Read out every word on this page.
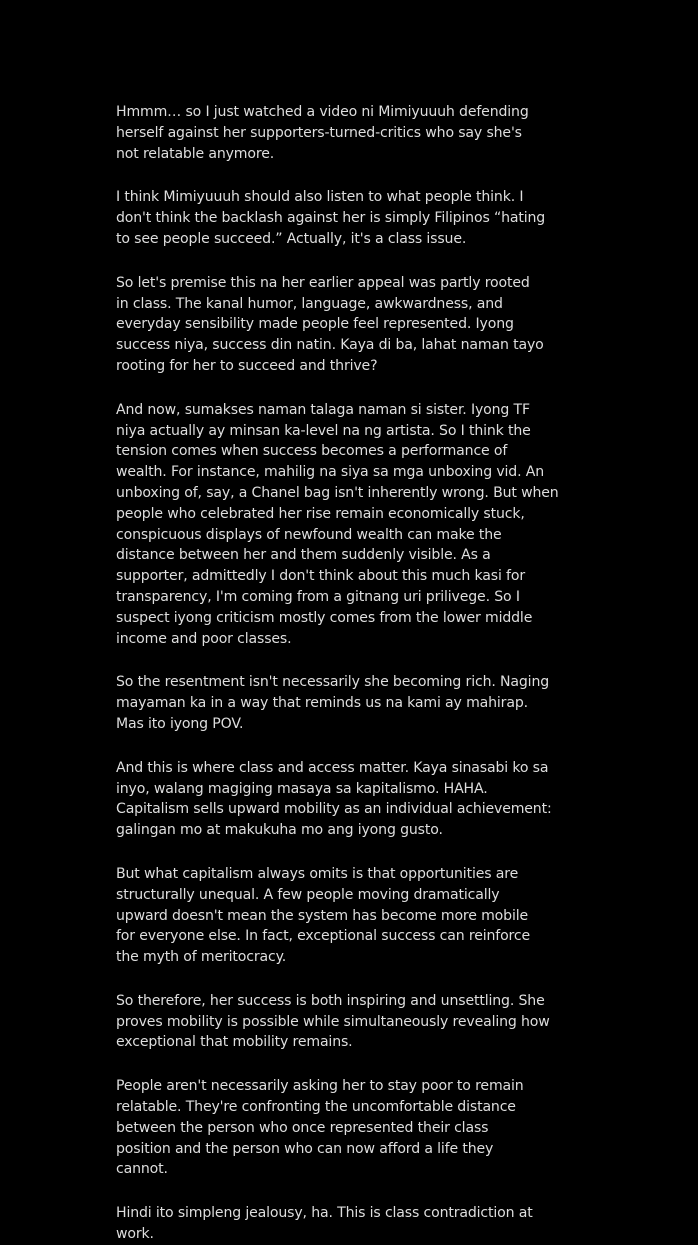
Hmmm… so I just watched a video ni Mimiyuuuh defending
herself against her supporters-turned-critics who say she's
not relatable anymore.

I think Mimiyuuuh should also listen to what people think. I
don't think the backlash against her is simply Filipinos “hating
to see people succeed.” Actually, it's a class issue.

So let's premise this na her earlier appeal was partly rooted
in class. The kanal humor, language, awkwardness, and
everyday sensibility made people feel represented. Iyong
success niya, success din natin. Kaya di ba, lahat naman tayo
rooting for her to succeed and thrive?

And now, sumakses naman talaga naman si sister. Iyong TF
niya actually ay minsan ka-level na ng artista. So I think the
tension comes when success becomes a performance of
wealth. For instance, mahilig na siya sa mga unboxing vid. An
unboxing of, say, a Chanel bag isn't inherently wrong. But when
people who celebrated her rise remain economically stuck,
conspicuous displays of newfound wealth can make the
distance between her and them suddenly visible. As a
supporter, admittedly I don't think about this much kasi for
transparency, I'm coming from a gitnang uri prilivege. So I
suspect iyong criticism mostly comes from the lower middle
income and poor classes.

So the resentment isn't necessarily she becoming rich. Naging
mayaman ka in a way that reminds us na kami ay mahirap.
Mas ito iyong POV.

And this is where class and access matter. Kaya sinasabi ko sa
inyo, walang magiging masaya sa kapitalismo. HAHA.
Capitalism sells upward mobility as an individual achievement:
galingan mo at makukuha mo ang iyong gusto.

But what capitalism always omits is that opportunities are
structurally unequal. A few people moving dramatically
upward doesn't mean the system has become more mobile
for everyone else. In fact, exceptional success can reinforce
the myth of meritocracy.

So therefore, her success is both inspiring and unsettling. She
proves mobility is possible while simultaneously revealing how
exceptional that mobility remains.

People aren't necessarily asking her to stay poor to remain
relatable. They're confronting the uncomfortable distance
between the person who once represented their class
position and the person who can now afford a life they
cannot.

Hindi ito simpleng jealousy, ha. This is class contradiction at
work.
